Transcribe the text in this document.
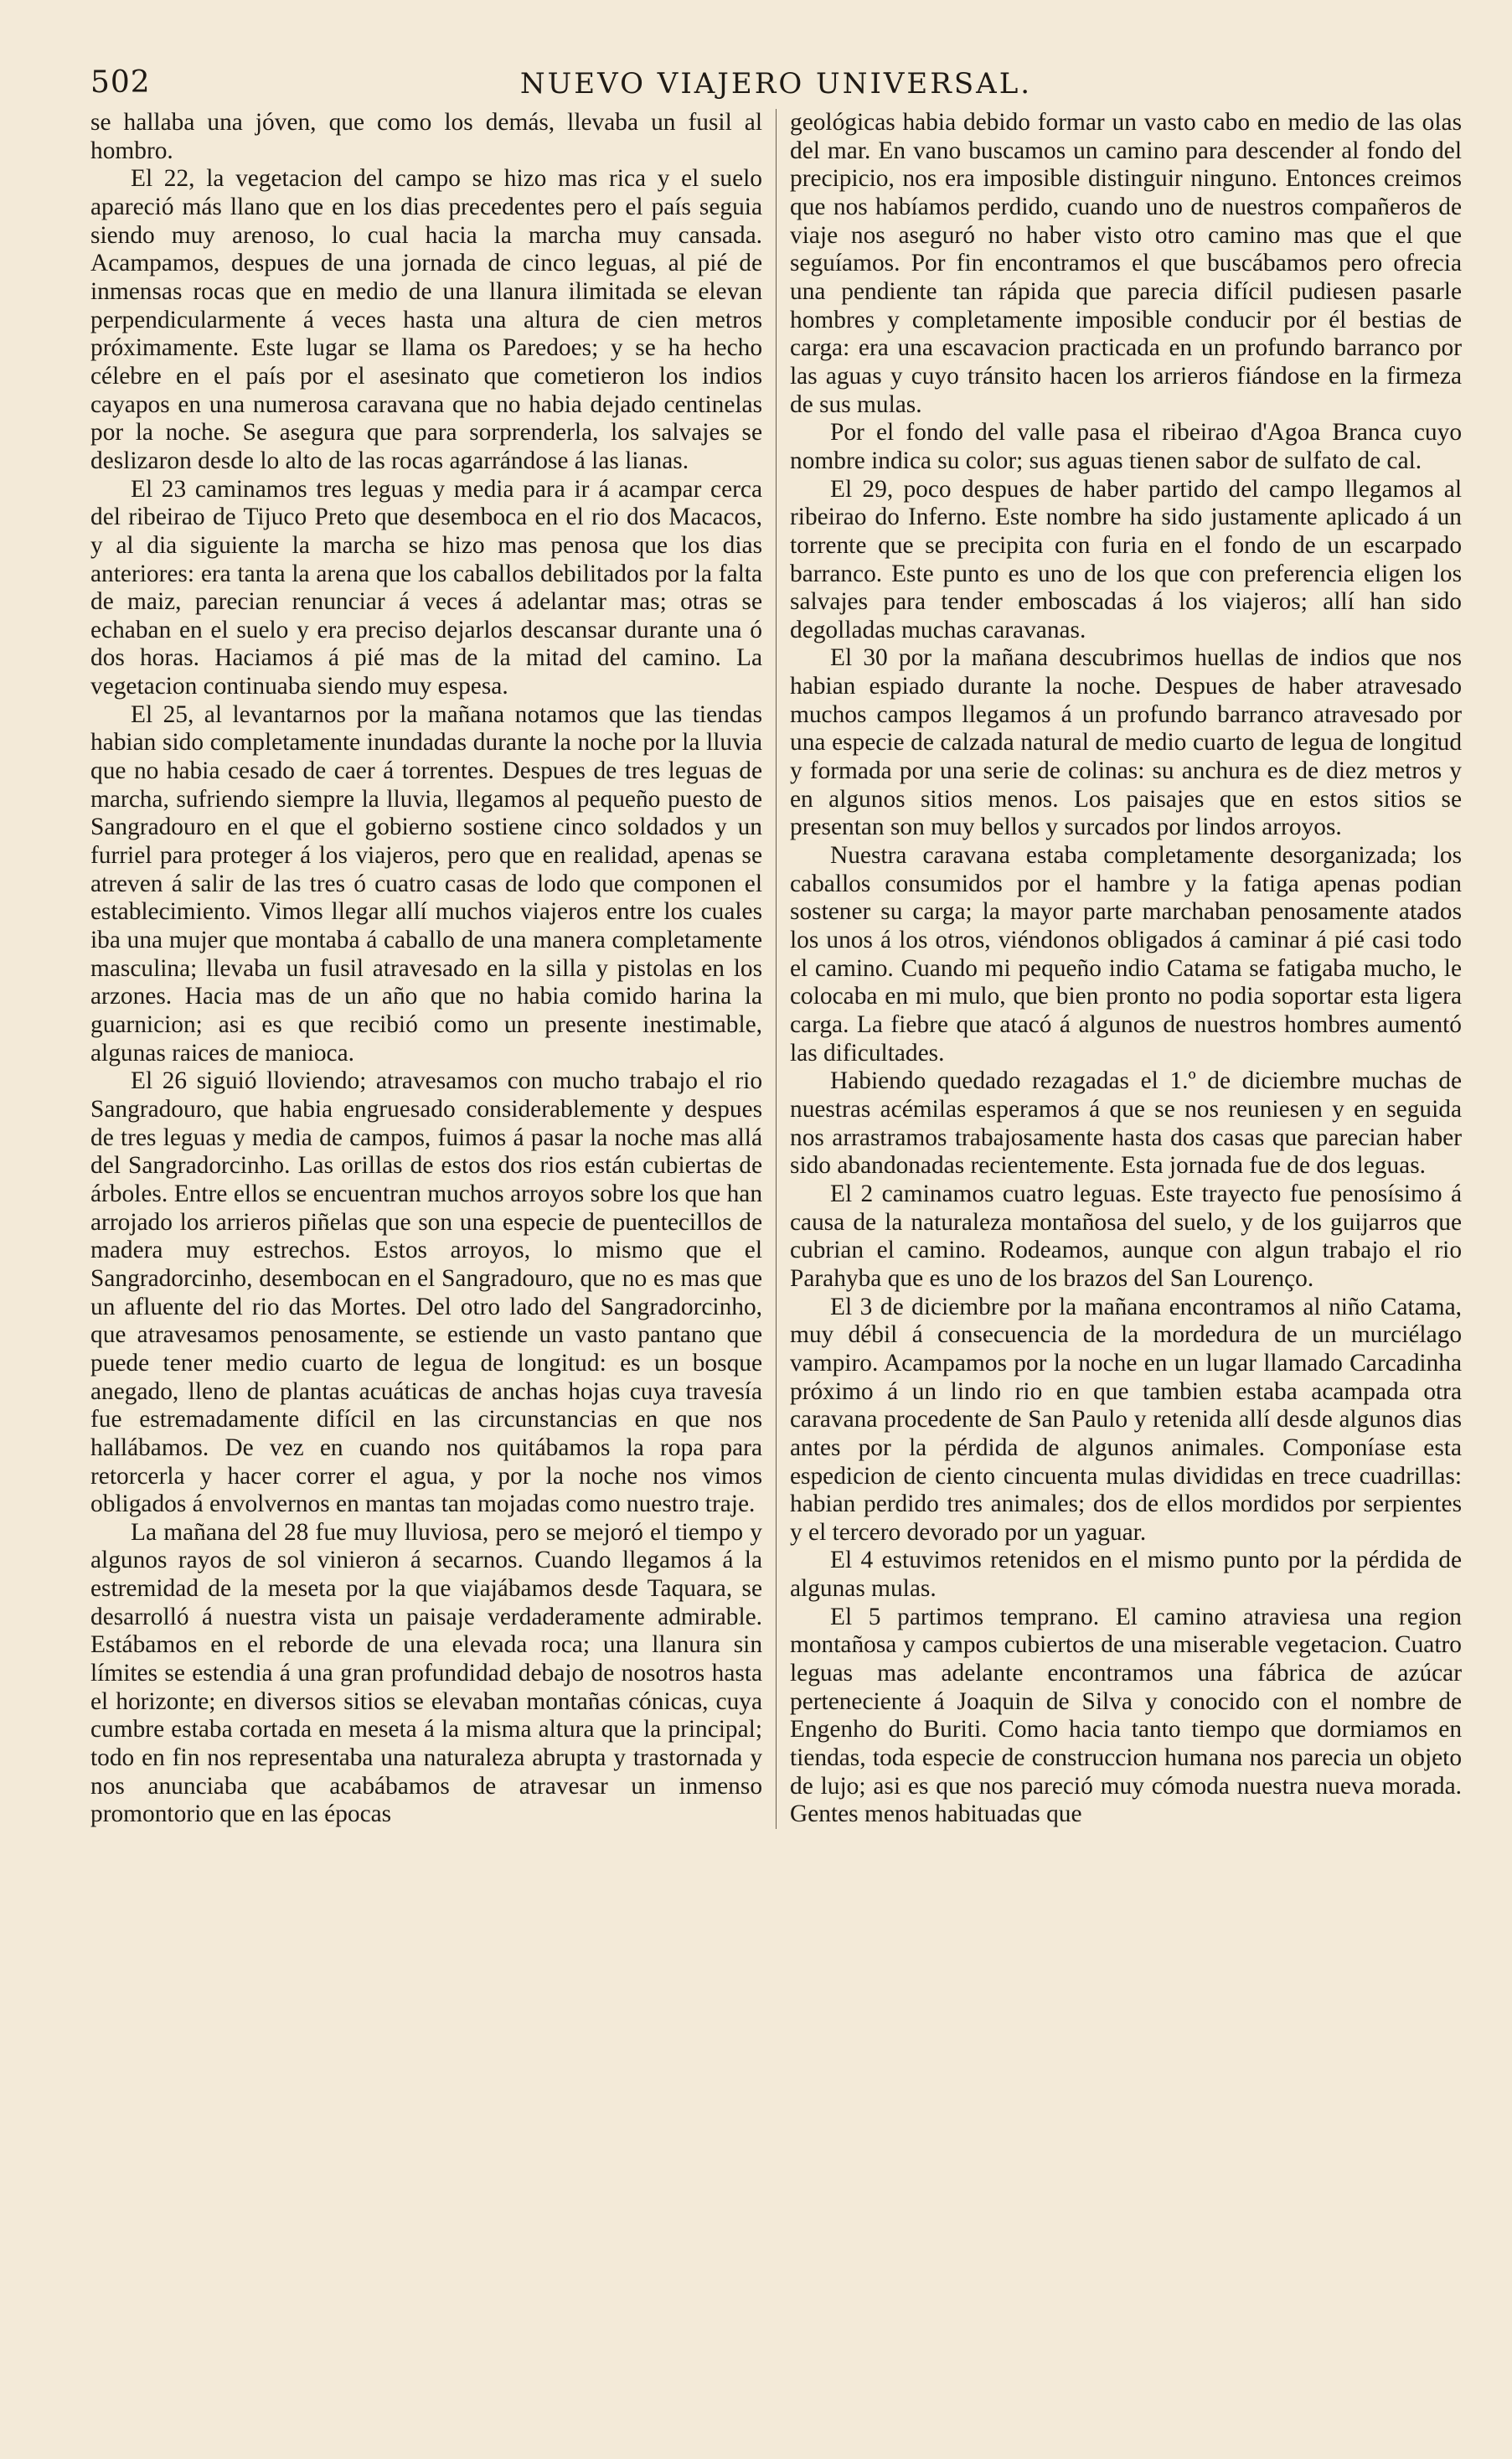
502	NUEVO VIAJERO UNIVERSAL.

se hallaba una jóven, que como los demás, llevaba un fusil al hombro.

El 22, la vegetacion del campo se hizo mas rica y el suelo apareció más llano que en los dias precedentes pero el país seguia siendo muy arenoso, lo cual hacia la marcha muy cansada. Acampamos, despues de una jornada de cinco leguas, al pié de inmensas rocas que en medio de una llanura ilimitada se elevan perpendicularmente á veces hasta una altura de cien metros próximamente. Este lugar se llama os Paredoes; y se ha hecho célebre en el país por el asesinato que cometieron los indios cayapos en una numerosa caravana que no habia dejado centinelas por la noche. Se asegura que para sorprenderla, los salvajes se deslizaron desde lo alto de las rocas agarrándose á las lianas.

El 23 caminamos tres leguas y media para ir á acampar cerca del ribeirao de Tijuco Preto que desemboca en el rio dos Macacos, y al dia siguiente la marcha se hizo mas penosa que los dias anteriores: era tanta la arena que los caballos debilitados por la falta de maiz, parecian renunciar á veces á adelantar mas; otras se echaban en el suelo y era preciso dejarlos descansar durante una ó dos horas. Haciamos á pié mas de la mitad del camino. La vegetacion continuaba siendo muy espesa.

El 25, al levantarnos por la mañana notamos que las tiendas habian sido completamente inundadas durante la noche por la lluvia que no habia cesado de caer á torrentes. Despues de tres leguas de marcha, sufriendo siempre la lluvia, llegamos al pequeño puesto de Sangradouro en el que el gobierno sostiene cinco soldados y un furriel para proteger á los viajeros, pero que en realidad, apenas se atreven á salir de las tres ó cuatro casas de lodo que componen el establecimiento. Vimos llegar allí muchos viajeros entre los cuales iba una mujer que montaba á caballo de una manera completamente masculina; llevaba un fusil atravesado en la silla y pistolas en los arzones. Hacia mas de un año que no habia comido harina la guarnicion; asi es que recibió como un presente inestimable, algunas raices de manioca.

El 26 siguió lloviendo; atravesamos con mucho trabajo el rio Sangradouro, que habia engruesado considerablemente y despues de tres leguas y media de campos, fuimos á pasar la noche mas allá del Sangradorcinho. Las orillas de estos dos rios están cubiertas de árboles. Entre ellos se encuentran muchos arroyos sobre los que han arrojado los arrieros piñelas que son una especie de puentecillos de madera muy estrechos. Estos arroyos, lo mismo que el Sangradorcinho, desembocan en el Sangradouro, que no es mas que un afluente del rio das Mortes. Del otro lado del Sangradorcinho, que atravesamos penosamente, se estiende un vasto pantano que puede tener medio cuarto de legua de longitud: es un bosque anegado, lleno de plantas acuáticas de anchas hojas cuya travesía fue estremadamente difícil en las circunstancias en que nos hallábamos. De vez en cuando nos quitábamos la ropa para retorcerla y hacer correr el agua, y por la noche nos vimos obligados á envolvernos en mantas tan mojadas como nuestro traje.

La mañana del 28 fue muy lluviosa, pero se mejoró el tiempo y algunos rayos de sol vinieron á secarnos. Cuando llegamos á la estremidad de la meseta por la que viajábamos desde Taquara, se desarrolló á nuestra vista un paisaje verdaderamente admirable. Estábamos en el reborde de una elevada roca; una llanura sin límites se estendia á una gran profundidad debajo de nosotros hasta el horizonte; en diversos sitios se elevaban montañas cónicas, cuya cumbre estaba cortada en meseta á la misma altura que la principal; todo en fin nos representaba una naturaleza abrupta y trastornada y nos anunciaba que acabábamos de atravesar un inmenso promontorio que en las épocas

geológicas habia debido formar un vasto cabo en medio de las olas del mar. En vano buscamos un camino para descender al fondo del precipicio, nos era imposible distinguir ninguno. Entonces creimos que nos habíamos perdido, cuando uno de nuestros compañeros de viaje nos aseguró no haber visto otro camino mas que el que seguíamos. Por fin encontramos el que buscábamos pero ofrecia una pendiente tan rápida que parecia difícil pudiesen pasarle hombres y completamente imposible conducir por él bestias de carga: era una escavacion practicada en un profundo barranco por las aguas y cuyo tránsito hacen los arrieros fiándose en la firmeza de sus mulas.

Por el fondo del valle pasa el ribeirao d'Agoa Branca cuyo nombre indica su color; sus aguas tienen sabor de sulfato de cal.

El 29, poco despues de haber partido del campo llegamos al ribeirao do Inferno. Este nombre ha sido justamente aplicado á un torrente que se precipita con furia en el fondo de un escarpado barranco. Este punto es uno de los que con preferencia eligen los salvajes para tender emboscadas á los viajeros; allí han sido degolladas muchas caravanas.

El 30 por la mañana descubrimos huellas de indios que nos habian espiado durante la noche. Despues de haber atravesado muchos campos llegamos á un profundo barranco atravesado por una especie de calzada natural de medio cuarto de legua de longitud y formada por una serie de colinas: su anchura es de diez metros y en algunos sitios menos. Los paisajes que en estos sitios se presentan son muy bellos y surcados por lindos arroyos.

Nuestra caravana estaba completamente desorganizada; los caballos consumidos por el hambre y la fatiga apenas podian sostener su carga; la mayor parte marchaban penosamente atados los unos á los otros, viéndonos obligados á caminar á pié casi todo el camino. Cuando mi pequeño indio Catama se fatigaba mucho, le colocaba en mi mulo, que bien pronto no podia soportar esta ligera carga. La fiebre que atacó á algunos de nuestros hombres aumentó las dificultades.

Habiendo quedado rezagadas el 1.º de diciembre muchas de nuestras acémilas esperamos á que se nos reuniesen y en seguida nos arrastramos trabajosamente hasta dos casas que parecian haber sido abandonadas recientemente. Esta jornada fue de dos leguas.

El 2 caminamos cuatro leguas. Este trayecto fue penosísimo á causa de la naturaleza montañosa del suelo, y de los guijarros que cubrian el camino. Rodeamos, aunque con algun trabajo el rio Parahyba que es uno de los brazos del San Lourenço.

El 3 de diciembre por la mañana encontramos al niño Catama, muy débil á consecuencia de la mordedura de un murciélago vampiro. Acampamos por la noche en un lugar llamado Carcadinha próximo á un lindo rio en que tambien estaba acampada otra caravana procedente de San Paulo y retenida allí desde algunos dias antes por la pérdida de algunos animales. Componíase esta espedicion de ciento cincuenta mulas divididas en trece cuadrillas: habian perdido tres animales; dos de ellos mordidos por serpientes y el tercero devorado por un yaguar.

El 4 estuvimos retenidos en el mismo punto por la pérdida de algunas mulas.

El 5 partimos temprano. El camino atraviesa una region montañosa y campos cubiertos de una miserable vegetacion. Cuatro leguas mas adelante encontramos una fábrica de azúcar perteneciente á Joaquin de Silva y conocido con el nombre de Engenho do Buriti. Como hacia tanto tiempo que dormiamos en tiendas, toda especie de construccion humana nos parecia un objeto de lujo; asi es que nos pareció muy cómoda nuestra nueva morada. Gentes menos habituadas que
